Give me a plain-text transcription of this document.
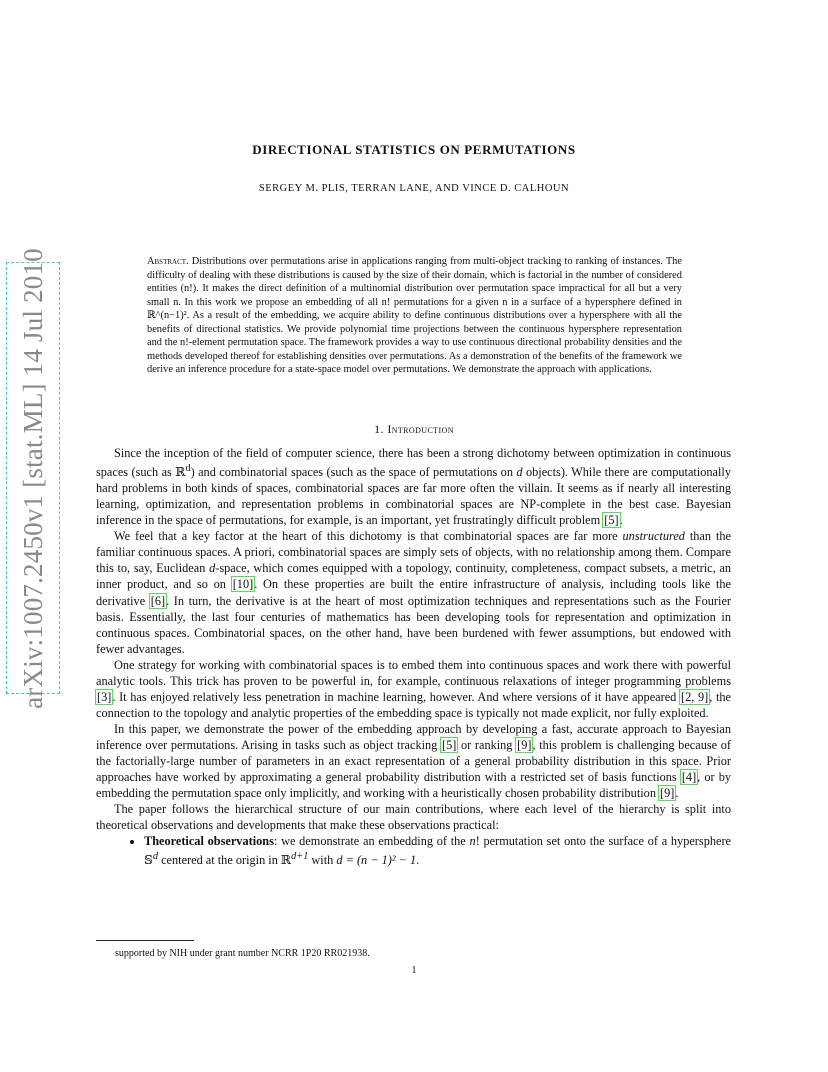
arXiv:1007.2450v1 [stat.ML] 14 Jul 2010
DIRECTIONAL STATISTICS ON PERMUTATIONS
SERGEY M. PLIS, TERRAN LANE, AND VINCE D. CALHOUN
Abstract. Distributions over permutations arise in applications ranging from multi-object tracking to ranking of instances. The difficulty of dealing with these distributions is caused by the size of their domain, which is factorial in the number of considered entities (n!). It makes the direct definition of a multinomial distribution over permutation space impractical for all but a very small n. In this work we propose an embedding of all n! permutations for a given n in a surface of a hypersphere defined in ℝ^(n−1)². As a result of the embedding, we acquire ability to define continuous distributions over a hypersphere with all the benefits of directional statistics. We provide polynomial time projections between the continuous hypersphere representation and the n!-element permutation space. The framework provides a way to use continuous directional probability densities and the methods developed thereof for establishing densities over permutations. As a demonstration of the benefits of the framework we derive an inference procedure for a state-space model over permutations. We demonstrate the approach with applications.
1. Introduction

Since the inception of the field of computer science, there has been a strong dichotomy between optimization in continuous spaces (such as ℝ$^d$) and combinatorial spaces (such as the space of permutations on d objects). While there are computationally hard problems in both kinds of spaces, combinatorial spaces are far more often the villain. It seems as if nearly all interesting learning, optimization, and representation problems in combinatorial spaces are NP-complete in the best case. Bayesian inference in the space of permutations, for example, is an important, yet frustratingly difficult problem [5].

We feel that a key factor at the heart of this dichotomy is that combinatorial spaces are far more unstructured than the familiar continuous spaces. A priori, combinatorial spaces are simply sets of objects, with no relationship among them. Compare this to, say, Euclidean d-space, which comes equipped with a topology, continuity, completeness, compact subsets, a metric, an inner product, and so on [10]. On these properties are built the entire infrastructure of analysis, including tools like the derivative [6]. In turn, the derivative is at the heart of most optimization techniques and representations such as the Fourier basis. Essentially, the last four centuries of mathematics has been developing tools for representation and optimization in continuous spaces. Combinatorial spaces, on the other hand, have been burdened with fewer assumptions, but endowed with fewer advantages.

One strategy for working with combinatorial spaces is to embed them into continuous spaces and work there with powerful analytic tools. This trick has proven to be powerful in, for example, continuous relaxations of integer programming problems [3]. It has enjoyed relatively less penetration in machine learning, however. And where versions of it have appeared [2, 9], the connection to the topology and analytic properties of the embedding space is typically not made explicit, nor fully exploited.

In this paper, we demonstrate the power of the embedding approach by developing a fast, accurate approach to Bayesian inference over permutations. Arising in tasks such as object tracking [5] or ranking [9], this problem is challenging because of the factorially-large number of parameters in an exact representation of a general probability distribution in this space. Prior approaches have worked by approximating a general probability distribution with a restricted set of basis functions [4], or by embedding the permutation space only implicitly, and working with a heuristically chosen probability distribution [9].

The paper follows the hierarchical structure of our main contributions, where each level of the hierarchy is split into theoretical observations and developments that make these observations practical:

• Theoretical observations: we demonstrate an embedding of the n! permutation set onto the surface of a hypersphere 𝕊$^d$ centered at the origin in ℝ$^{d+1}$ with d = (n − 1)² − 1.
supported by NIH under grant number NCRR 1P20 RR021938.
1
